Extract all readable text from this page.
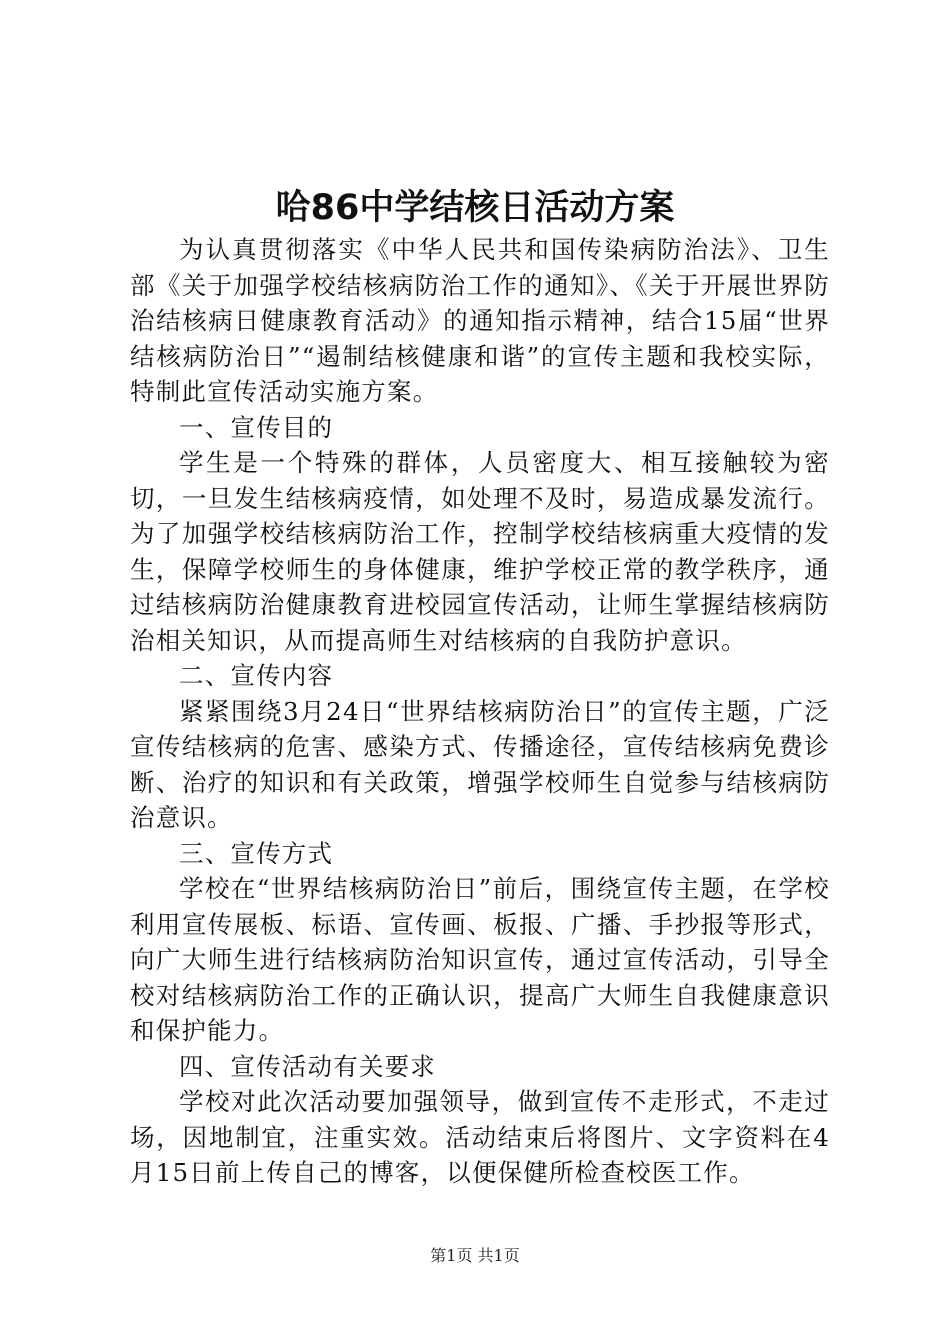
哈86中学结核日活动方案

为认真贯彻落实《中华人民共和国传染病防治法》、卫生部《关于加强学校结核病防治工作的通知》、《关于开展世界防治结核病日健康教育活动》的通知指示精神，结合15届“世界结核病防治日”“遏制结核健康和谐”的宣传主题和我校实际，特制此宣传活动实施方案。

一、宣传目的

学生是一个特殊的群体，人员密度大、相互接触较为密切，一旦发生结核病疫情，如处理不及时，易造成暴发流行。为了加强学校结核病防治工作，控制学校结核病重大疫情的发生，保障学校师生的身体健康，维护学校正常的教学秩序，通过结核病防治健康教育进校园宣传活动，让师生掌握结核病防治相关知识，从而提高师生对结核病的自我防护意识。

二、宣传内容

紧紧围绕3月24日“世界结核病防治日”的宣传主题，广泛宣传结核病的危害、感染方式、传播途径，宣传结核病免费诊断、治疗的知识和有关政策，增强学校师生自觉参与结核病防治意识。

三、宣传方式

学校在“世界结核病防治日”前后，围绕宣传主题，在学校利用宣传展板、标语、宣传画、板报、广播、手抄报等形式，向广大师生进行结核病防治知识宣传，通过宣传活动，引导全校对结核病防治工作的正确认识，提高广大师生自我健康意识和保护能力。

四、宣传活动有关要求

学校对此次活动要加强领导，做到宣传不走形式，不走过场，因地制宜，注重实效。活动结束后将图片、文字资料在4月15日前上传自己的博客，以便保健所检查校医工作。

第1页 共1页
